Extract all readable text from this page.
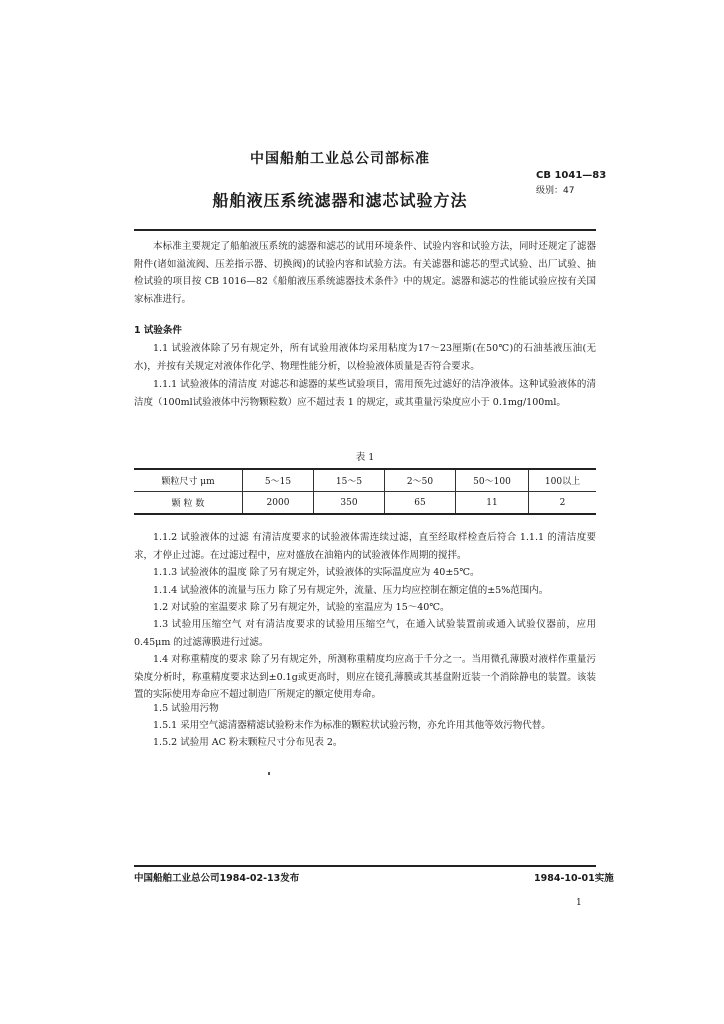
中国船舶工业总公司部标准
CB 1041—83
级别：47
船舶液压系统滤器和滤芯试验方法
本标准主要规定了船舶液压系统的滤器和滤芯的试用环境条件、试验内容和试验方法，同时还规定了滤器附件(诸如溢流阀、压差指示器、切换阀)的试验内容和试验方法。有关滤器和滤芯的型式试验、出厂试验、抽检试验的项目按 CB 1016—82《船舶液压系统滤器技术条件》中的规定。滤器和滤芯的性能试验应按有关国家标准进行。
1 试验条件
1.1 试验液体除了另有规定外，所有试验用液体均采用粘度为17～23厘斯(在50℃)的石油基液压油(无水)，并按有关规定对液体作化学、物理性能分析，以检验液体质量是否符合要求。
1.1.1 试验液体的清洁度 对滤芯和滤器的某些试验项目，需用预先过滤好的洁净液体。这种试验液体的清洁度（100ml试验液体中污物颗粒数）应不超过表 1 的规定，或其重量污染度应小于 0.1mg/100ml。
表 1
颗粒尺寸 μm	5～15	15～5	2～50	50～100	100以上
颗 粒 数	2000	350	65	11	2
1.1.2 试验液体的过滤 有清洁度要求的试验液体需连续过滤，直至经取样检查后符合 1.1.1 的清洁度要求，才停止过滤。在过滤过程中，应对盛放在油箱内的试验液体作周期的搅拌。
1.1.3 试验液体的温度 除了另有规定外，试验液体的实际温度应为 40±5℃。
1.1.4 试验液体的流量与压力 除了另有规定外，流量、压力均应控制在额定值的±5%范围内。
1.2 对试验的室温要求 除了另有规定外，试验的室温应为 15～40℃。
1.3 试验用压缩空气 对有清洁度要求的试验用压缩空气，在通入试验装置前或通入试验仪器前，应用 0.45μm 的过滤薄膜进行过滤。
1.4 对称重精度的要求 除了另有规定外，所测称重精度均应高于千分之一。当用微孔薄膜对液样作重量污染度分析时，称重精度要求达到±0.1g或更高时，则应在镜孔薄膜或其基盘附近装一个消除静电的装置。该装置的实际使用寿命应不超过制造厂所规定的额定使用寿命。
1.5 试验用污物
1.5.1 采用空气滤清器精滤试验粉末作为标准的颗粒状试验污物，亦允许用其他等效污物代替。
1.5.2 试验用 AC 粉末颗粒尺寸分布见表 2。
中国船舶工业总公司1984-02-13发布	1984-10-01实施
1
